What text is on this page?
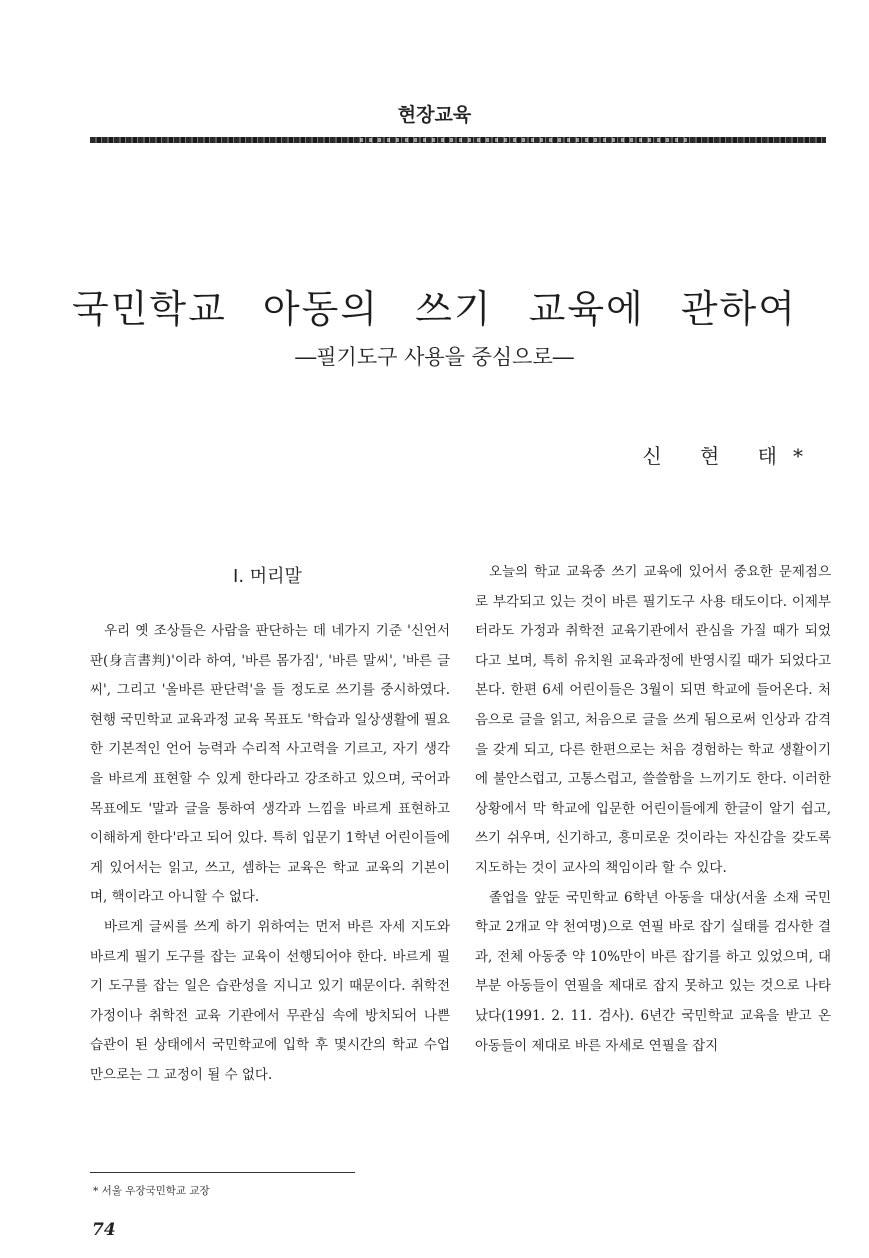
현장교육
국민학교 아동의 쓰기 교육에 관하여
―필기도구 사용을 중심으로―
신 현 태*
Ⅰ. 머리말

우리 옛 조상들은 사람을 판단하는 데 네가지 기준 '신언서판(身言書判)'이라 하여, '바른 몸가짐', '바른 말씨', '바른 글씨', 그리고 '올바른 판단력'을 들 정도로 쓰기를 중시하였다. 현행 국민학교 교육과정 교육 목표도 '학습과 일상생활에 필요한 기본적인 언어 능력과 수리적 사고력을 기르고, 자기 생각을 바르게 표현할 수 있게 한다라고 강조하고 있으며, 국어과 목표에도 '말과 글을 통하여 생각과 느낌을 바르게 표현하고 이해하게 한다'라고 되어 있다. 특히 입문기 1학년 어린이들에게 있어서는 읽고, 쓰고, 셈하는 교육은 학교 교육의 기본이며, 핵이라고 아니할 수 없다.

바르게 글씨를 쓰게 하기 위하여는 먼저 바른 자세 지도와 바르게 필기 도구를 잡는 교육이 선행되어야 한다. 바르게 필기 도구를 잡는 일은 습관성을 지니고 있기 때문이다. 취학전 가정이나 취학전 교육 기관에서 무관심 속에 방치되어 나쁜 습관이 된 상태에서 국민학교에 입학 후 몇시간의 학교 수업만으로는 그 교정이 될 수 없다.

오늘의 학교 교육중 쓰기 교육에 있어서 중요한 문제점으로 부각되고 있는 것이 바른 필기도구 사용 태도이다. 이제부터라도 가정과 취학전 교육기관에서 관심을 가질 때가 되었다고 보며, 특히 유치원 교육과정에 반영시킬 때가 되었다고 본다. 한편 6세 어린이들은 3월이 되면 학교에 들어온다. 처음으로 글을 읽고, 처음으로 글을 쓰게 됨으로써 인상과 감격을 갖게 되고, 다른 한편으로는 처음 경험하는 학교 생활이기에 불안스럽고, 고통스럽고, 쓸쓸함을 느끼기도 한다. 이러한 상황에서 막 학교에 입문한 어린이들에게 한글이 알기 쉽고, 쓰기 쉬우며, 신기하고, 흥미로운 것이라는 자신감을 갖도록 지도하는 것이 교사의 책임이라 할 수 있다.

졸업을 앞둔 국민학교 6학년 아동을 대상(서울 소재 국민학교 2개교 약 천여명)으로 연필 바로 잡기 실태를 검사한 결과, 전체 아동중 약 10%만이 바른 잡기를 하고 있었으며, 대부분 아동들이 연필을 제대로 잡지 못하고 있는 것으로 나타났다(1991. 2. 11. 검사). 6년간 국민학교 교육을 받고 온 아동들이 제대로 바른 자세로 연필을 잡지

* 서울 우장국민학교 교장
74
